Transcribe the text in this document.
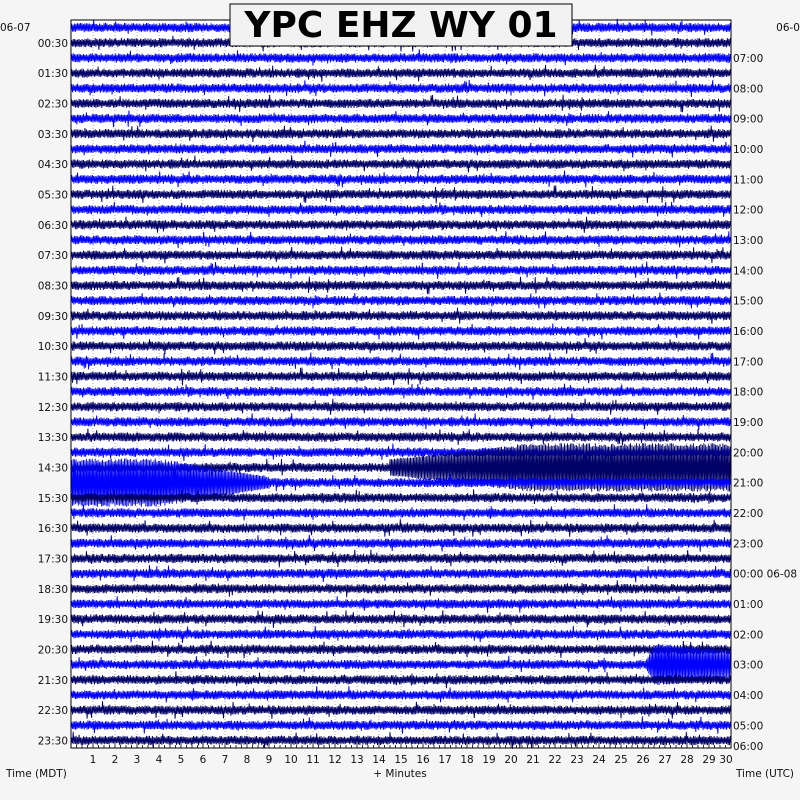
1 2 3 4 5 6 7 8 9 10 11 12 13 14 15 16 17 18 19 20 21 22 23 24 25 26 27 28 29 30
00:30
01:30
02:30
03:30
04:30
05:30
06:30
07:30
08:30
09:30
10:30
11:30
12:30
13:30
14:30
15:30
16:30
17:30
18:30
19:30
20:30
21:30
22:30
23:30
07:00
08:00
09:00
10:00
11:00
12:00
13:00
14:00
15:00
16:00
17:00
18:00
19:00
20:00
21:00
22:00
23:00
00:00 06-08
01:00
02:00
03:00
04:00
05:00
06:00
06-07	06-0
Time (MDT)	+ Minutes	Time (UTC)
YPC EHZ WY 01
